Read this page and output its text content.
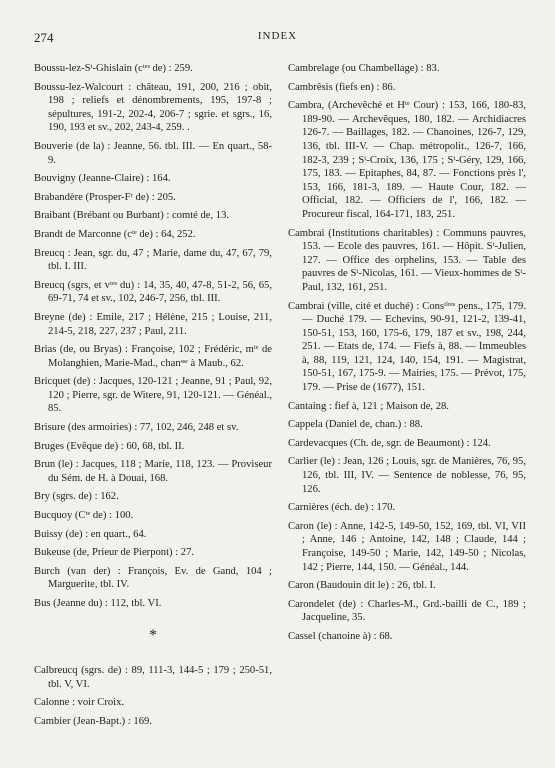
274	INDEX
Boussu-lez-Sᵗ-Ghislain (cᵗᵉˢ de) : 259.
Boussu-lez-Walcourt : château, 191, 200, 216 ; obit, 198 ; reliefs et dénombrements, 195, 197-8 ; sépultures, 191-2, 202-4, 206-7 ; sgrie. et sgrs., 16, 190, 193 et sv., 202, 243-4, 259. .
Bouverie (de la) : Jeanne, 56. tbl. III. — En quart., 58-9.
Bouvigny (Jeanne-Claire) : 164.
Brabandère (Prosper-Fʳ de) : 205.
Braibant (Brébant ou Burbant) : comté de, 13.
Brandt de Marconne (cᵗᵉ de) : 64, 252.
Breucq : Jean, sgr. du, 47 ; Marie, dame du, 47, 67, 79, tbl. I. III.
Breucq (sgrs, et vᵗᵉˢ du) : 14, 35, 40, 47-8, 51-2, 56, 65, 69-71, 74 et sv., 102, 246-7, 256, tbl. III.
Breyne (de) : Emile, 217 ; Hélène, 215 ; Louise, 211, 214-5, 218, 227, 237 ; Paul, 211.
Brias (de, ou Bryas) : Françoise, 102 ; Frédéric, mᵗᵉ de Molanghien, Marie-Mad., chanˢˢᵉ à Maub., 62.
Bricquet (de) : Jacques, 120-121 ; Jeanne, 91 ; Paul, 92, 120 ; Pierre, sgr. de Witere, 91, 120-121. — Généal., 85.
Brisure (des armoiries) : 77, 102, 246, 248 et sv.
Bruges (Evêque de) : 60, 68, tbl. II.
Brun (le) : Jacques, 118 ; Marie, 118, 123. — Proviseur du Sém. de H. à Douai, 168.
Bry (sgrs. de) : 162.
Bucquoy (Cᵗᵉ de) : 100.
Buissy (de) : en quart., 64.
Bukeuse (de, Prieur de Pierpont) : 27.
Burch (van der) : François, Ev. de Gand, 104 ; Marguerite, tbl. IV.
Bus (Jeanne du) : 112, tbl. VI.
*
Calbreucq (sgrs. de) : 89, 111-3, 144-5 ; 179 ; 250-51, tbl. V, VI.
Calonne : voir Croix.
Cambier (Jean-Bapt.) : 169.
Cambrelage (ou Chambellage) : 83.
Cambrêsis (fiefs en) : 86.
Cambra, (Archevêché et Hᵗᵉ Cour) : 153, 166, 180-83, 189-90. — Archevêques, 180, 182. — Archidiacres 126-7. — Baillages, 182. — Chanoines, 126-7, 129, 136, tbl. III-V. — Chap. métropolit., 126-7, 166, 182-3, 239 ; Sᵗ-Croix, 136, 175 ; Sᵗ-Géry, 129, 166, 175, 183. — Epitaphes, 84, 87. — Fonctions près l', 153, 166, 181-3, 189. — Haute Cour, 182. — Official, 182. — Officiers de l', 166, 182. — Procureur fiscal, 164-171, 183, 251.
Cambrai (Institutions charitables) : Communs pauvres, 153. — Ecole des pauvres, 161. — Hôpit. Sᵗ-Julien, 127. — Office des orphelins, 153. — Table des pauvres de Sᵗ-Nicolas, 161. — Vieux-hommes de Sᵗ-Paul, 132, 161, 251.
Cambrai (ville, cité et duché) : Consᵗˡʳᵉˢ pens., 175, 179. — Duché 179. — Echevins, 90-91, 121-2, 139-41, 150-51, 153, 160, 175-6, 179, 187 et sv., 198, 244, 251. — Etats de, 174. — Fiefs à, 88. — Immeubles à, 88, 119, 121, 124, 140, 154, 191. — Magistrat, 150-51, 167, 175-9. — Mairies, 175. — Prévot, 175, 179. — Prise de (1677), 151.
Cantaing : fief à, 121 ; Maison de, 28.
Cappela (Daniel de, chan.) : 88.
Cardevacques (Ch. de, sgr. de Beaumont) : 124.
Carlier (le) : Jean, 126 ; Louis, sgr. de Manières, 76, 95, 126, tbl. III, IV. — Sentence de noblesse, 76, 95, 126.
Carnières (éch. de) : 170.
Caron (le) : Anne, 142-5, 149-50, 152, 169, tbl. VI, VII ; Anne, 146 ; Antoine, 142, 148 ; Claude, 144 ; Françoise, 149-50 ; Marie, 142, 149-50 ; Nicolas, 142 ; Pierre, 144, 150. — Généal., 144.
Caron (Baudouin dit le) : 26, tbl. I.
Carondelet (de) : Charles-M., Grd.-bailli de C., 189 ; Jacqueline, 35.
Cassel (chanoine à) : 68.
